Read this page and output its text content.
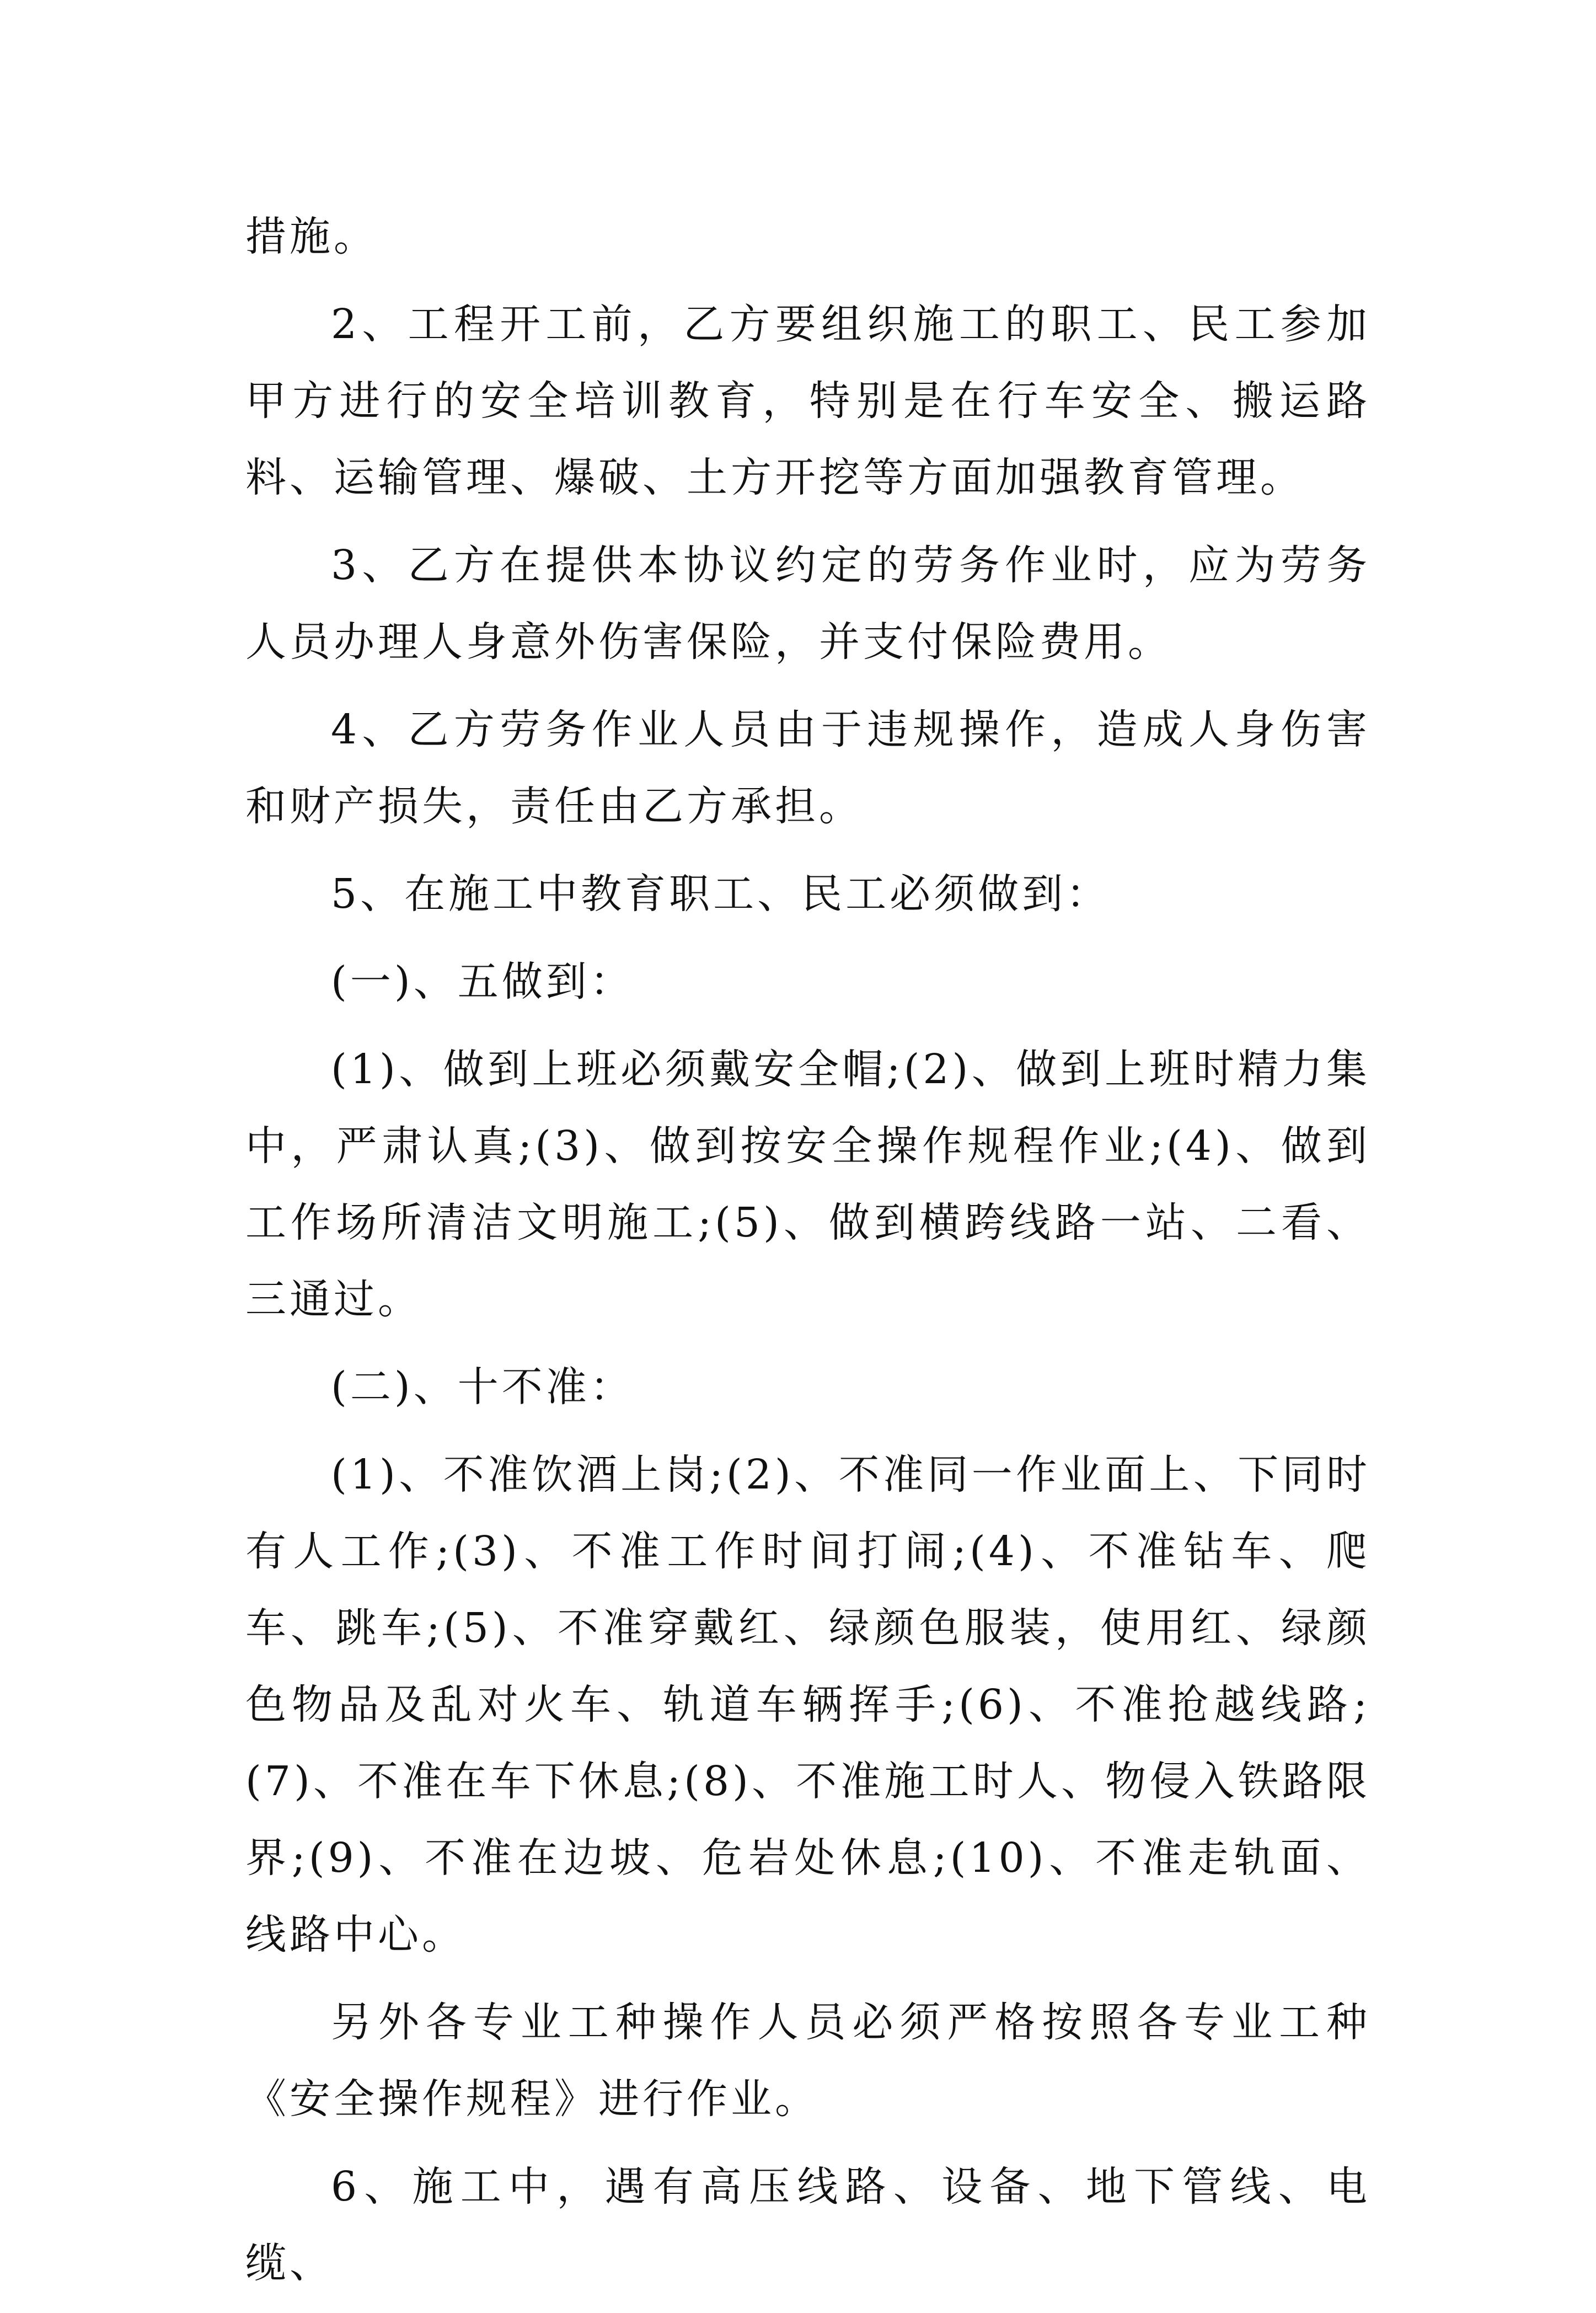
措施。

2、工程开工前，乙方要组织施工的职工、民工参加甲方进行的安全培训教育，特别是在行车安全、搬运路料、运输管理、爆破、土方开挖等方面加强教育管理。

3、乙方在提供本协议约定的劳务作业时，应为劳务人员办理人身意外伤害保险，并支付保险费用。

4、乙方劳务作业人员由于违规操作，造成人身伤害和财产损失，责任由乙方承担。

5、在施工中教育职工、民工必须做到：

(一)、五做到：

(1)、做到上班必须戴安全帽;(2)、做到上班时精力集中，严肃认真;(3)、做到按安全操作规程作业;(4)、做到工作场所清洁文明施工;(5)、做到横跨线路一站、二看、三通过。

(二)、十不准：

(1)、不准饮酒上岗;(2)、不准同一作业面上、下同时有人工作;(3)、不准工作时间打闹;(4)、不准钻车、爬车、跳车;(5)、不准穿戴红、绿颜色服装，使用红、绿颜色物品及乱对火车、轨道车辆挥手;(6)、不准抢越线路;(7)、不准在车下休息;(8)、不准施工时人、物侵入铁路限界;(9)、不准在边坡、危岩处休息;(10)、不准走轨面、线路中心。

另外各专业工种操作人员必须严格按照各专业工种《安全操作规程》进行作业。

6、施工中，遇有高压线路、设备、地下管线、电缆、
